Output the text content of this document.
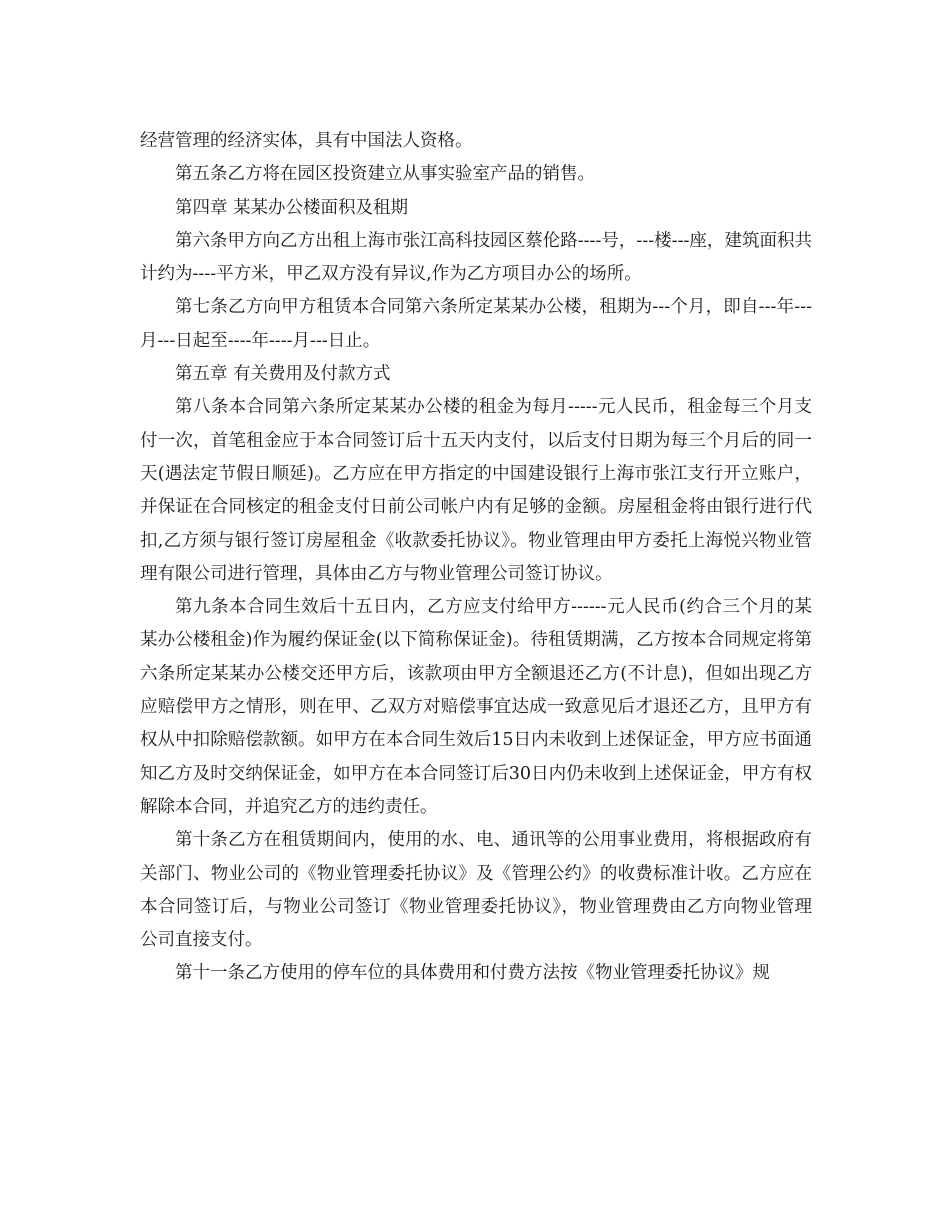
经营管理的经济实体，具有中国法人资格。

第五条乙方将在园区投资建立从事实验室产品的销售。

第四章 某某办公楼面积及租期

第六条甲方向乙方出租上海市张江高科技园区蔡伦路----号，---楼---座，建筑面积共计约为----平方米，甲乙双方没有异议,作为乙方项目办公的场所。

第七条乙方向甲方租赁本合同第六条所定某某办公楼，租期为---个月，即自---年---月---日起至----年----月---日止。

第五章 有关费用及付款方式

第八条本合同第六条所定某某办公楼的租金为每月-----元人民币，租金每三个月支付一次，首笔租金应于本合同签订后十五天内支付，以后支付日期为每三个月后的同一天(遇法定节假日顺延)。乙方应在甲方指定的中国建设银行上海市张江支行开立账户，并保证在合同核定的租金支付日前公司帐户内有足够的金额。房屋租金将由银行进行代扣,乙方须与银行签订房屋租金《收款委托协议》。物业管理由甲方委托上海悦兴物业管理有限公司进行管理，具体由乙方与物业管理公司签订协议。

第九条本合同生效后十五日内，乙方应支付给甲方------元人民币(约合三个月的某某办公楼租金)作为履约保证金(以下简称保证金)。待租赁期满，乙方按本合同规定将第六条所定某某办公楼交还甲方后，该款项由甲方全额退还乙方(不计息)，但如出现乙方应赔偿甲方之情形，则在甲、乙双方对赔偿事宜达成一致意见后才退还乙方，且甲方有权从中扣除赔偿款额。如甲方在本合同生效后15日内未收到上述保证金，甲方应书面通知乙方及时交纳保证金，如甲方在本合同签订后30日内仍未收到上述保证金，甲方有权解除本合同，并追究乙方的违约责任。

第十条乙方在租赁期间内，使用的水、电、通讯等的公用事业费用，将根据政府有关部门、物业公司的《物业管理委托协议》及《管理公约》的收费标准计收。乙方应在本合同签订后，与物业公司签订《物业管理委托协议》，物业管理费由乙方向物业管理公司直接支付。

第十一条乙方使用的停车位的具体费用和付费方法按《物业管理委托协议》规
